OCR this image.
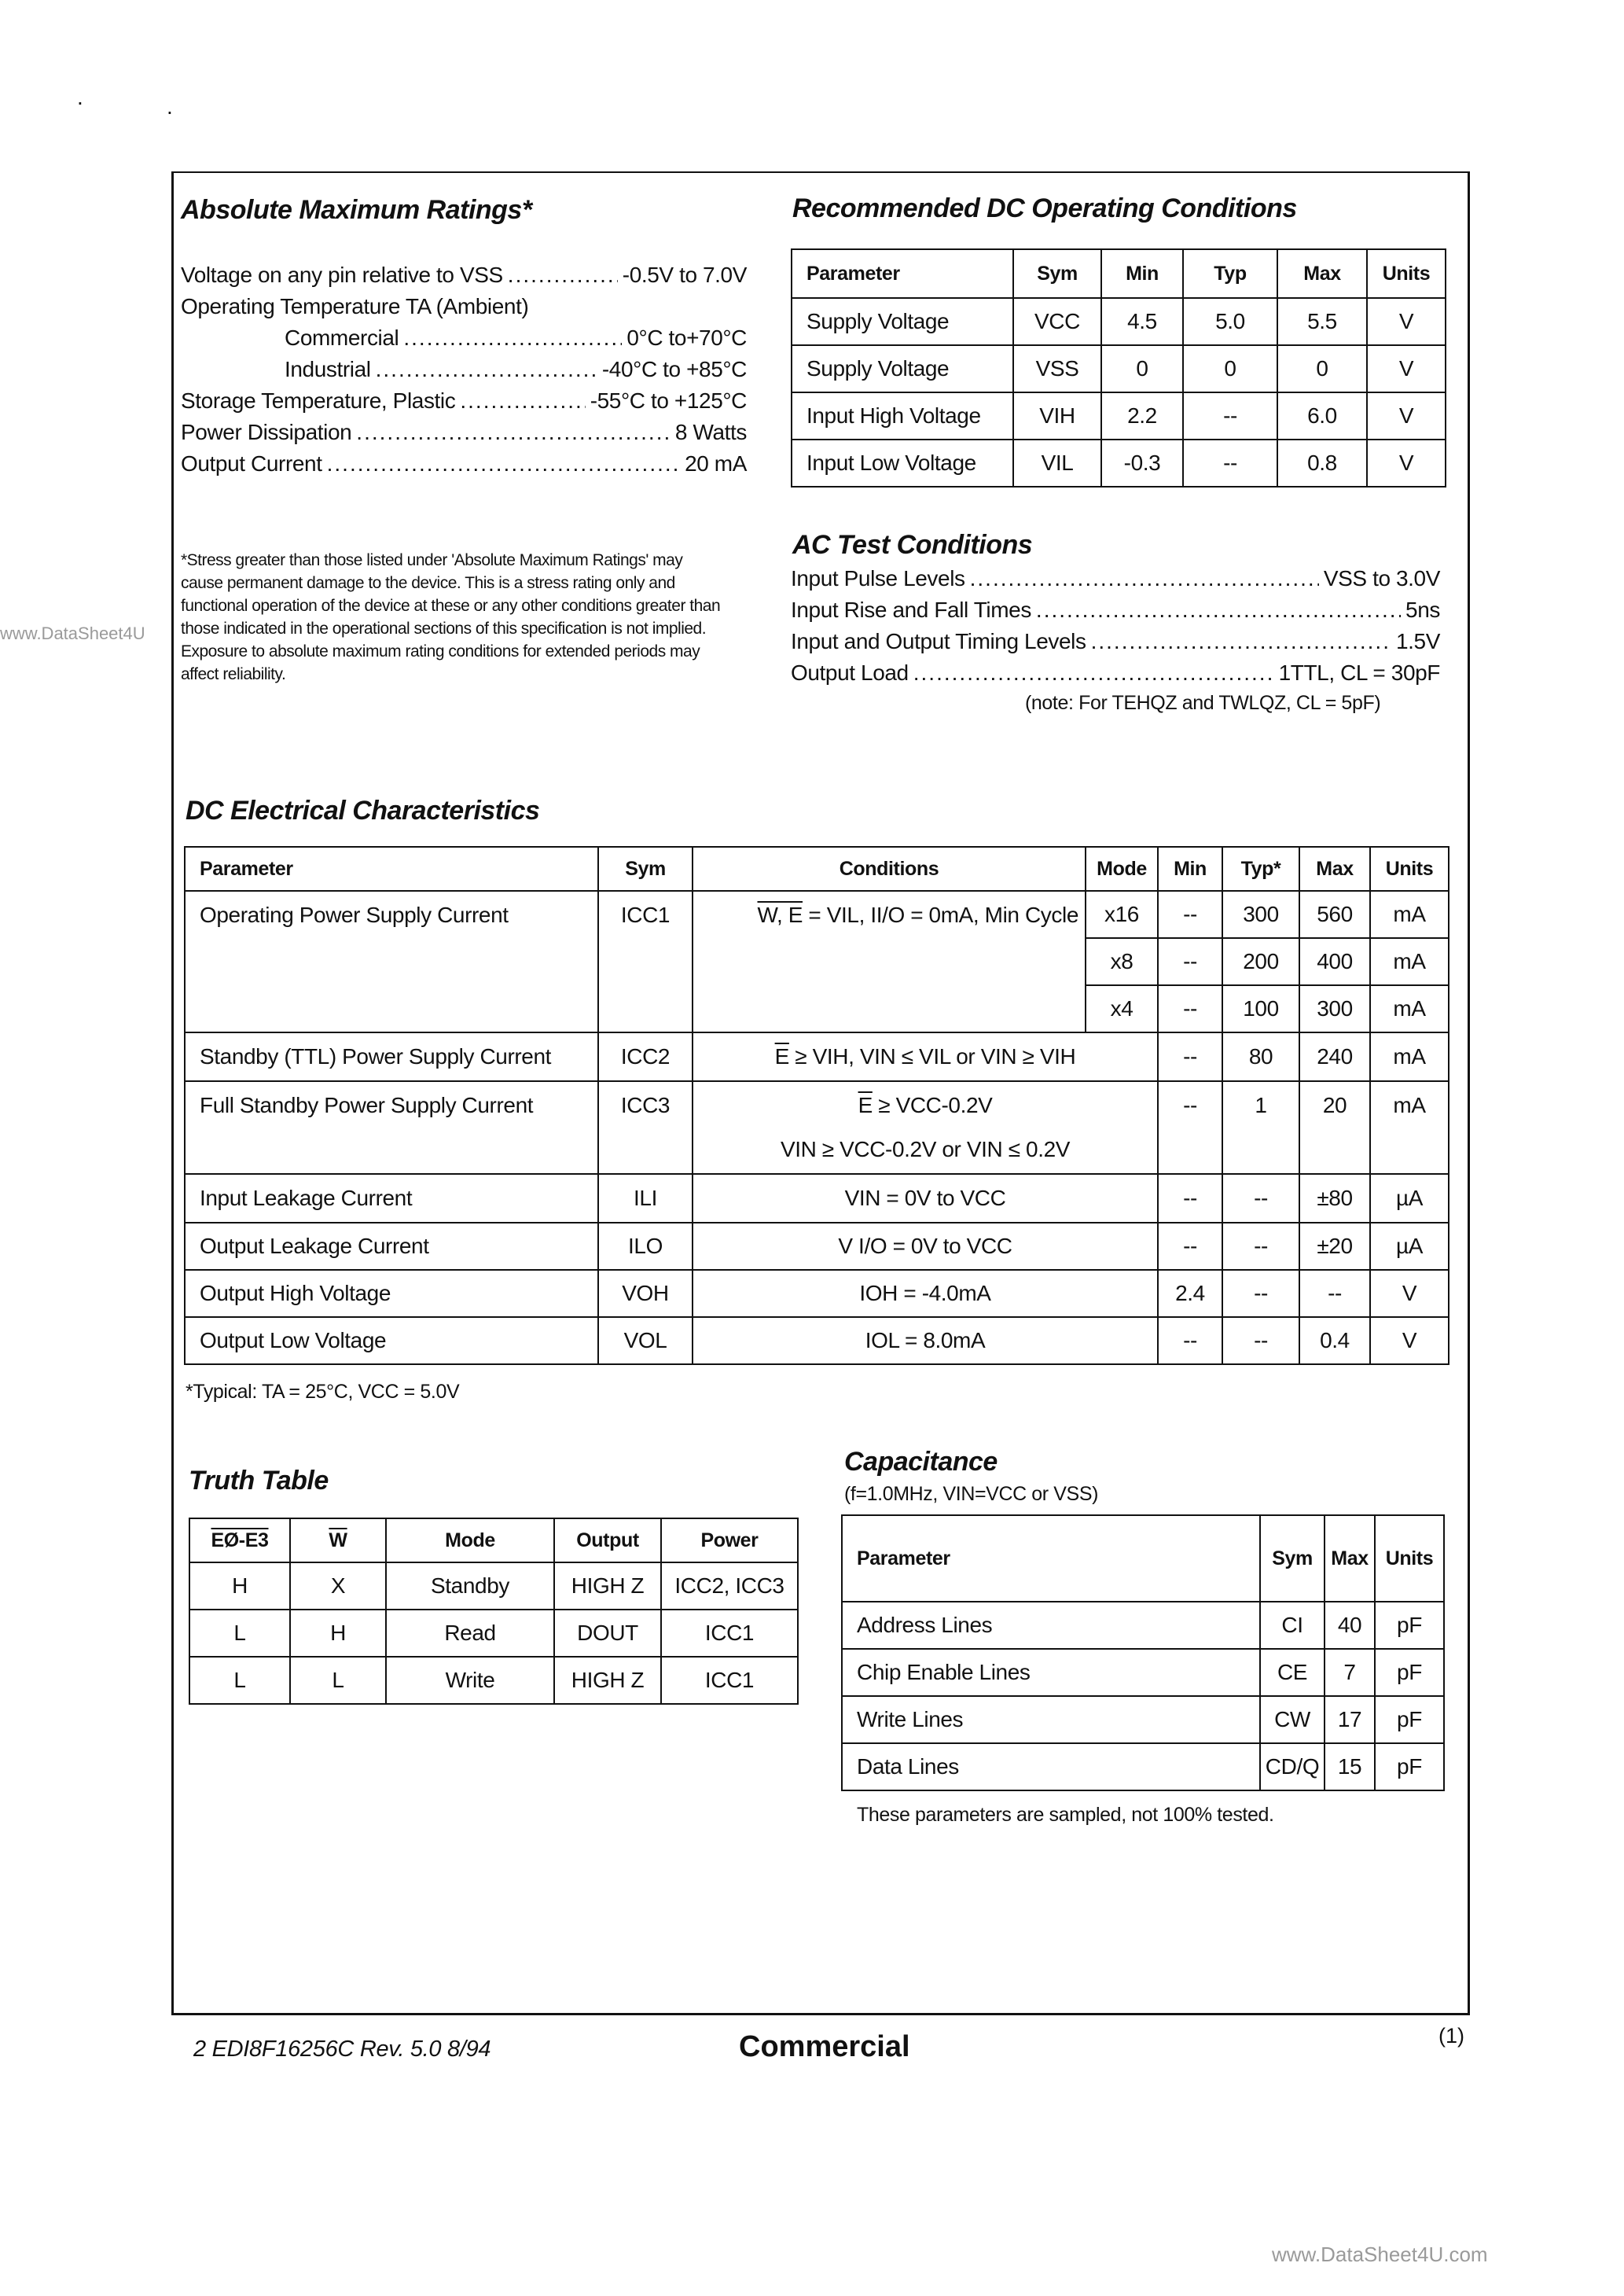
.	.
www.DataSheet4U
www.DataSheet4U.com
Absolute Maximum Ratings*
Voltage on any pin relative to VSS .....	-0.5V to 7.0V
Operating Temperature TA (Ambient)
Commercial .....	0°C to+70°C
Industrial .....	-40°C to +85°C
Storage Temperature, Plastic .....	-55°C to +125°C
Power Dissipation .....	8 Watts
Output Current .....	20 mA
*Stress greater than those listed under 'Absolute Maximum Ratings' may
cause permanent damage to the device. This is a stress rating only and
functional operation of the device at these or any other conditions greater than
those indicated in the operational sections of this specification is not implied.
Exposure to absolute maximum rating conditions for extended periods may
affect reliability.
Recommended DC Operating Conditions
Parameter	Sym	Min	Typ	Max	Units
Supply Voltage	VCC	4.5	5.0	5.5	V
Supply Voltage	VSS	0	0	0	V
Input High Voltage	VIH	2.2	--	6.0	V
Input Low Voltage	VIL	-0.3	--	0.8	V
AC Test Conditions
Input Pulse Levels .....	VSS to 3.0V
Input Rise and Fall Times .....	5ns
Input and Output Timing Levels .....	1.5V
Output Load .....	1TTL, CL = 30pF
(note: For TEHQZ and TWLQZ, CL = 5pF)
DC Electrical Characteristics
Parameter	Sym	Conditions	Mode	Min	Typ*	Max	Units
Operating Power Supply Current	ICC1	W, E = VIL, II/O = 0mA, Min Cycle	x16	--	300	560	mA
			x8	--	200	400	mA
			x4	--	100	300	mA
Standby (TTL) Power Supply Current	ICC2	$\overline{E}$ ≥ VIH, VIN ≤ VIL or VIN ≥ VIH		--	80	240	mA
Full Standby Power Supply Current	ICC3	$\overline{E} \ge VCC-0.2V$
VIN ≥ VCC-0.2V or VIN ≤ 0.2V		--	1	20	mA
Input Leakage Current	ILI	VIN = 0V to VCC		--	--	±80	µA
Output Leakage Current	ILO	V I/O = 0V to VCC		--	--	±20	µA
Output High Voltage	VOH	IOH = -4.0mA		2.4	--	--	V
Output Low Voltage	VOL	IOL = 8.0mA		--	--	0.4	V
*Typical: TA = 25°C, VCC = 5.0V
Truth Table
EØ-E3	$\overline{W}$	Mode	Output	Power
H	X	Standby	HIGH Z	ICC2, ICC3
L	H	Read	DOUT	ICC1
L	L	Write	HIGH Z	ICC1
Capacitance
(f=1.0MHz, VIN=VCC or VSS)
Parameter	Sym	Max	Units
Address Lines	CI	40	pF
Chip Enable Lines	CE	7	pF
Write Lines	CW	17	pF
Data Lines	CD/Q	15	pF
These parameters are sampled, not 100% tested.
2 EDI8F16256C Rev. 5.0 8/94	Commercial	(1)
